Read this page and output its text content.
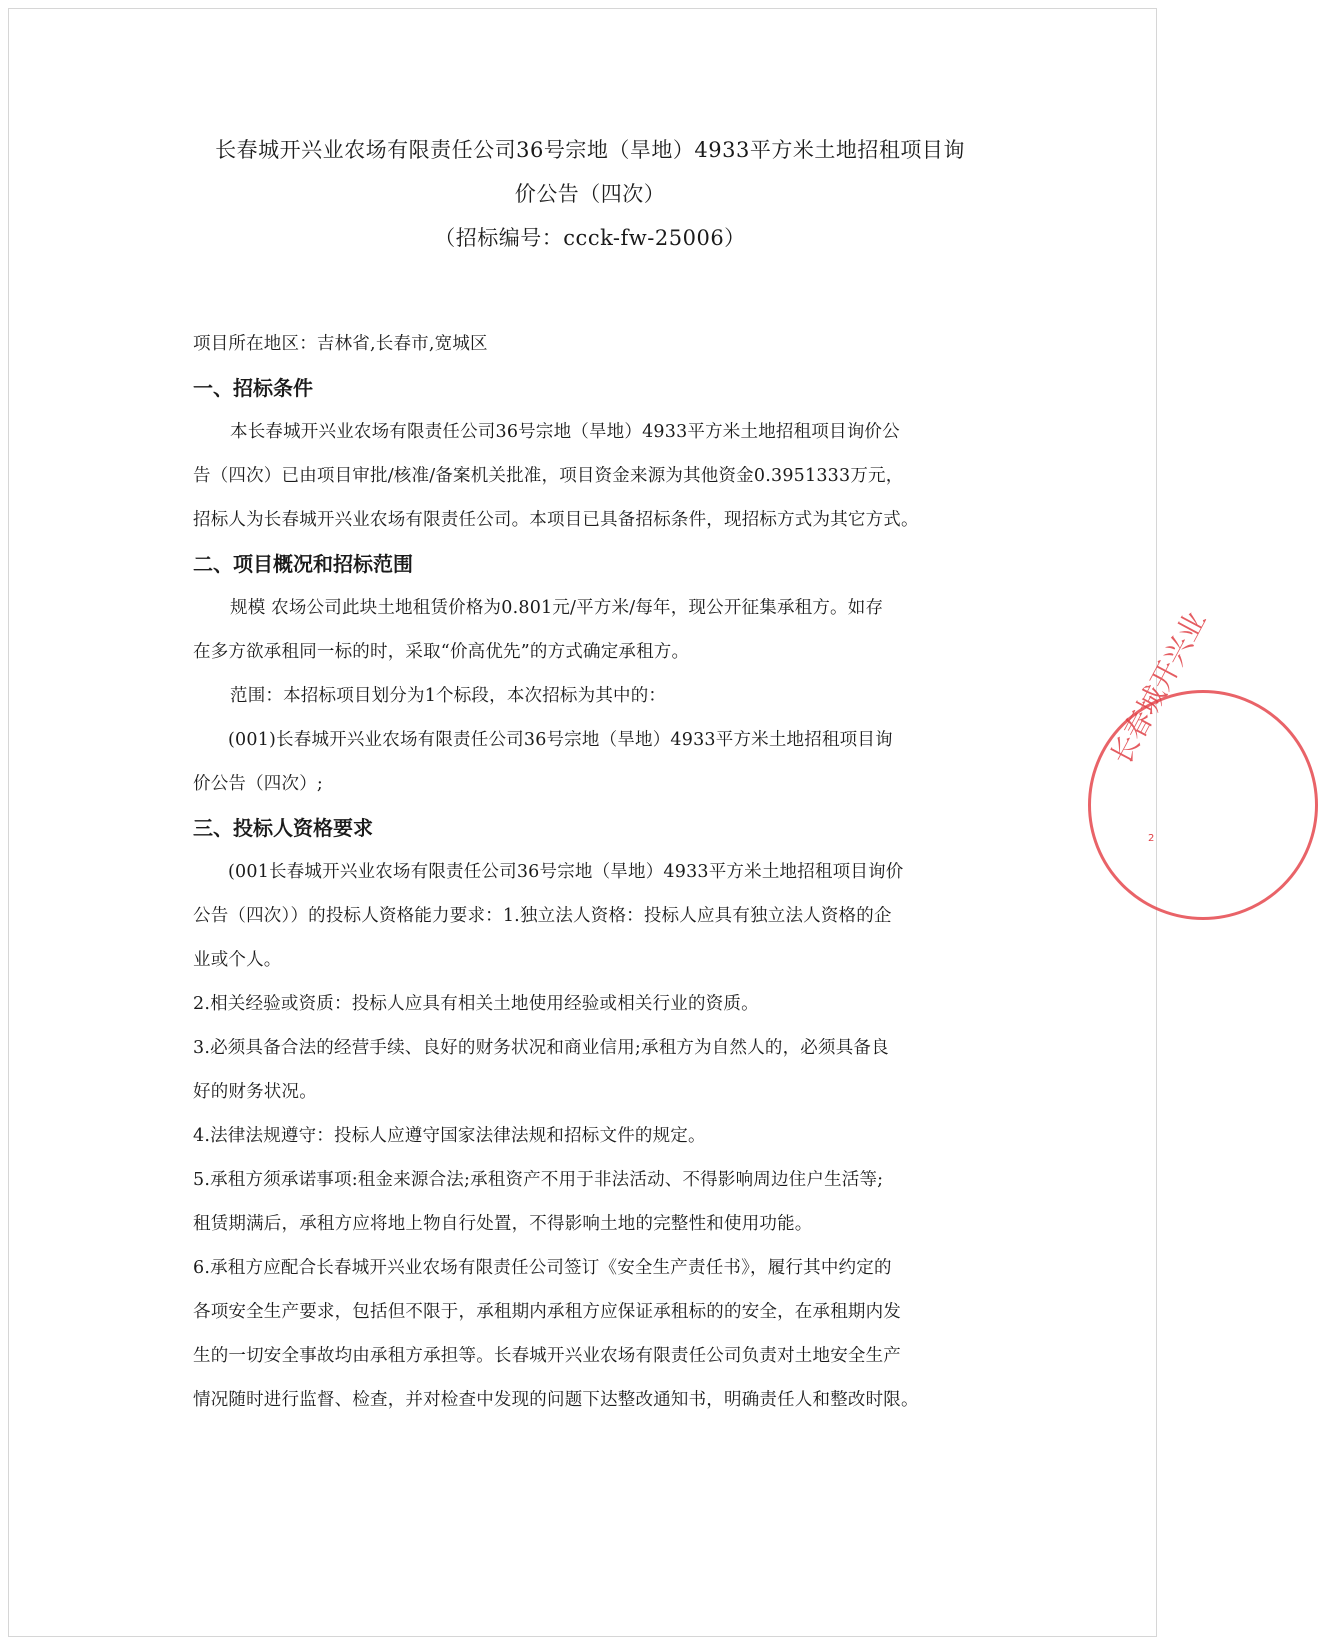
长春城开兴业农场有限责任公司36号宗地（旱地）4933平方米土地招租项目询
价公告（四次）
（招标编号：ccck-fw-25006）
项目所在地区：吉林省,长春市,宽城区
一、招标条件
本长春城开兴业农场有限责任公司36号宗地（旱地）4933平方米土地招租项目询价公
告（四次）已由项目审批/核准/备案机关批准，项目资金来源为其他资金0.3951333万元，
招标人为长春城开兴业农场有限责任公司。本项目已具备招标条件，现招标方式为其它方式。
二、项目概况和招标范围
规模 农场公司此块土地租赁价格为0.801元/平方米/每年，现公开征集承租方。如存
在多方欲承租同一标的时，采取“价高优先”的方式确定承租方。
范围：本招标项目划分为1个标段，本次招标为其中的：
(001)长春城开兴业农场有限责任公司36号宗地（旱地）4933平方米土地招租项目询
价公告（四次）;
三、投标人资格要求
(001长春城开兴业农场有限责任公司36号宗地（旱地）4933平方米土地招租项目询价
公告（四次））的投标人资格能力要求：1.独立法人资格：投标人应具有独立法人资格的企
业或个人。
2.相关经验或资质：投标人应具有相关土地使用经验或相关行业的资质。
3.必须具备合法的经营手续、良好的财务状况和商业信用;承租方为自然人的，必须具备良
好的财务状况。
4.法律法规遵守：投标人应遵守国家法律法规和招标文件的规定。
5.承租方须承诺事项:租金来源合法;承租资产不用于非法活动、不得影响周边住户生活等;
租赁期满后，承租方应将地上物自行处置，不得影响土地的完整性和使用功能。
6.承租方应配合长春城开兴业农场有限责任公司签订《安全生产责任书》，履行其中约定的
各项安全生产要求，包括但不限于，承租期内承租方应保证承租标的的安全，在承租期内发
生的一切安全事故均由承租方承担等。长春城开兴业农场有限责任公司负责对土地安全生产
情况随时进行监督、检查，并对检查中发现的问题下达整改通知书，明确责任人和整改时限。
长春城开兴业
2
